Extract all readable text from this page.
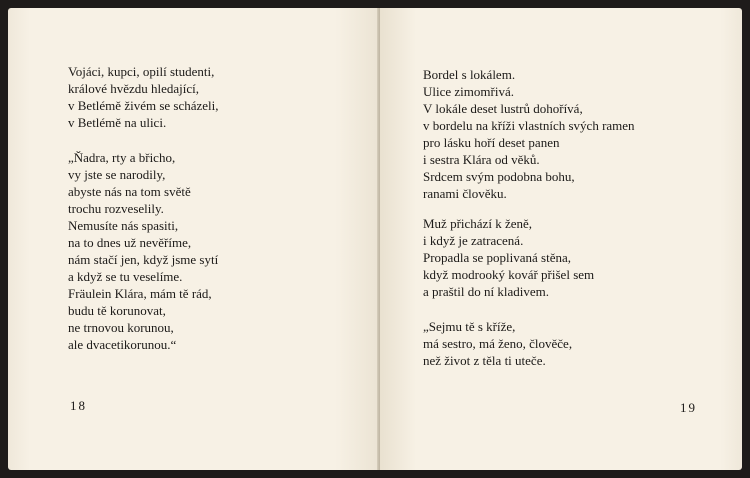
Vojáci, kupci, opilí studenti,
králové hvězdu hledající,
v Betlémě živém se scházeli,
v Betlémě na ulici.

„Ňadra, rty a břicho,
vy jste se narodily,
abyste nás na tom světě
trochu rozveselily.
Nemusíte nás spasiti,
na to dnes už nevěříme,
nám stačí jen, když jsme sytí
a když se tu veselíme.
Fräulein Klára, mám tě rád,
budu tě korunovat,
ne trnovou korunou,
ale dvacetikorunou.“

18

Bordel s lokálem.
Ulice zimomřivá.
V lokále deset lustrů dohořívá,
v bordelu na kříži vlastních svých ramen
pro lásku hoří deset panen
i sestra Klára od věků.
Srdcem svým podobna bohu,
ranami člověku.

Muž přichází k ženě,
i když je zatracená.
Propadla se poplivaná stěna,
když modrooký kovář přišel sem
a praštil do ní kladivem.

„Sejmu tě s kříže,
má sestro, má ženo, člověče,
než život z těla ti uteče.

19
